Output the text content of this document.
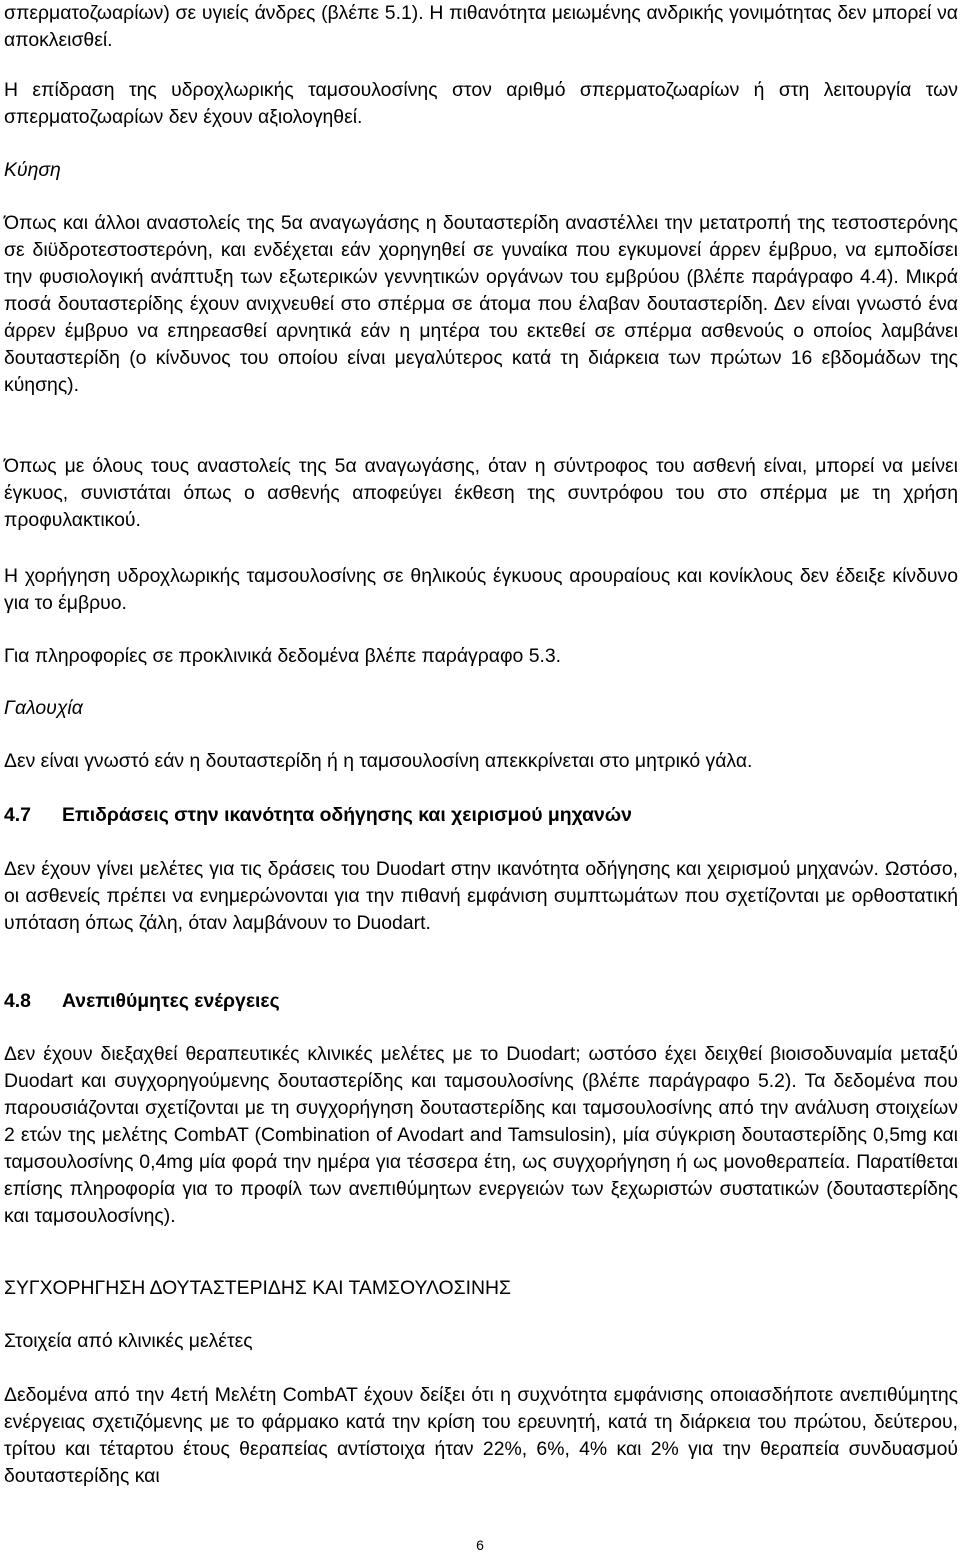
σπερματοζωαρίων) σε υγιείς άνδρες (βλέπε 5.1). Η πιθανότητα μειωμένης ανδρικής γονιμότητας δεν μπορεί να αποκλεισθεί.

Η επίδραση της υδροχλωρικής ταμσουλοσίνης στον αριθμό σπερματοζωαρίων ή στη λειτουργία των σπερματοζωαρίων δεν έχουν αξιολογηθεί.

Κύηση

Όπως και άλλοι αναστολείς της 5α αναγωγάσης η δουταστερίδη αναστέλλει την μετατροπή της τεστοστερόνης σε διϋδροτεστοστερόνη, και ενδέχεται εάν χορηγηθεί σε γυναίκα που εγκυμονεί άρρεν έμβρυο, να εμποδίσει την φυσιολογική ανάπτυξη των εξωτερικών γεννητικών οργάνων του εμβρύου (βλέπε παράγραφο 4.4). Μικρά ποσά δουταστερίδης έχουν ανιχνευθεί στο σπέρμα σε άτομα που έλαβαν δουταστερίδη. Δεν είναι γνωστό ένα άρρεν έμβρυο να επηρεασθεί αρνητικά εάν η μητέρα του εκτεθεί σε σπέρμα ασθενούς ο οποίος λαμβάνει δουταστερίδη (ο κίνδυνος του οποίου είναι μεγαλύτερος κατά τη διάρκεια των πρώτων 16 εβδομάδων της κύησης).

Όπως με όλους τους αναστολείς της 5α αναγωγάσης, όταν η σύντροφος του ασθενή είναι, μπορεί να μείνει έγκυος, συνιστάται όπως ο ασθενής αποφεύγει έκθεση της συντρόφου του στο σπέρμα με τη χρήση προφυλακτικού.

Η χορήγηση υδροχλωρικής ταμσουλοσίνης σε θηλικούς έγκυους αρουραίους και κονίκλους δεν έδειξε κίνδυνο για το έμβρυο.

Για πληροφορίες σε προκλινικά δεδομένα βλέπε παράγραφο 5.3.

Γαλουχία

Δεν είναι γνωστό εάν η δουταστερίδη ή η ταμσουλοσίνη απεκκρίνεται στο μητρικό γάλα.

4.7	Επιδράσεις στην ικανότητα οδήγησης και χειρισμού μηχανών

Δεν έχουν γίνει μελέτες για τις δράσεις του Duodart στην ικανότητα οδήγησης και χειρισμού μηχανών. Ωστόσο, οι ασθενείς πρέπει να ενημερώνονται για την πιθανή εμφάνιση συμπτωμάτων που σχετίζονται με ορθοστατική υπόταση όπως ζάλη, όταν λαμβάνουν το Duodart.

4.8	Ανεπιθύμητες ενέργειες

Δεν έχουν διεξαχθεί θεραπευτικές κλινικές μελέτες με το Duodart; ωστόσο έχει δειχθεί βιοισοδυναμία μεταξύ Duodart και συγχορηγούμενης δουταστερίδης και ταμσουλοσίνης (βλέπε παράγραφο 5.2). Τα δεδομένα που παρουσιάζονται σχετίζονται με τη συγχορήγηση δουταστερίδης και ταμσουλοσίνης από την ανάλυση στοιχείων 2 ετών της μελέτης CombAT (Combination of Avodart and Tamsulosin), μία σύγκριση δουταστερίδης 0,5mg και ταμσουλοσίνης 0,4mg μία φορά την ημέρα για τέσσερα έτη, ως συγχορήγηση ή ως μονοθεραπεία. Παρατίθεται επίσης πληροφορία για το προφίλ των ανεπιθύμητων ενεργειών των ξεχωριστών συστατικών (δουταστερίδης και ταμσουλοσίνης).

ΣΥΓΧΟΡΗΓΗΣΗ ΔΟΥΤΑΣΤΕΡΙΔΗΣ ΚΑΙ ΤΑΜΣΟΥΛΟΣΙΝΗΣ

Στοιχεία από κλινικές μελέτες

Δεδομένα από την 4ετή Μελέτη CombAT έχουν δείξει ότι η συχνότητα εμφάνισης οποιασδήποτε ανεπιθύμητης ενέργειας σχετιζόμενης με το φάρμακο κατά την κρίση του ερευνητή, κατά τη διάρκεια του πρώτου, δεύτερου, τρίτου και τέταρτου έτους θεραπείας αντίστοιχα ήταν 22%, 6%, 4% και 2% για την θεραπεία συνδυασμού δουταστερίδης και

6
